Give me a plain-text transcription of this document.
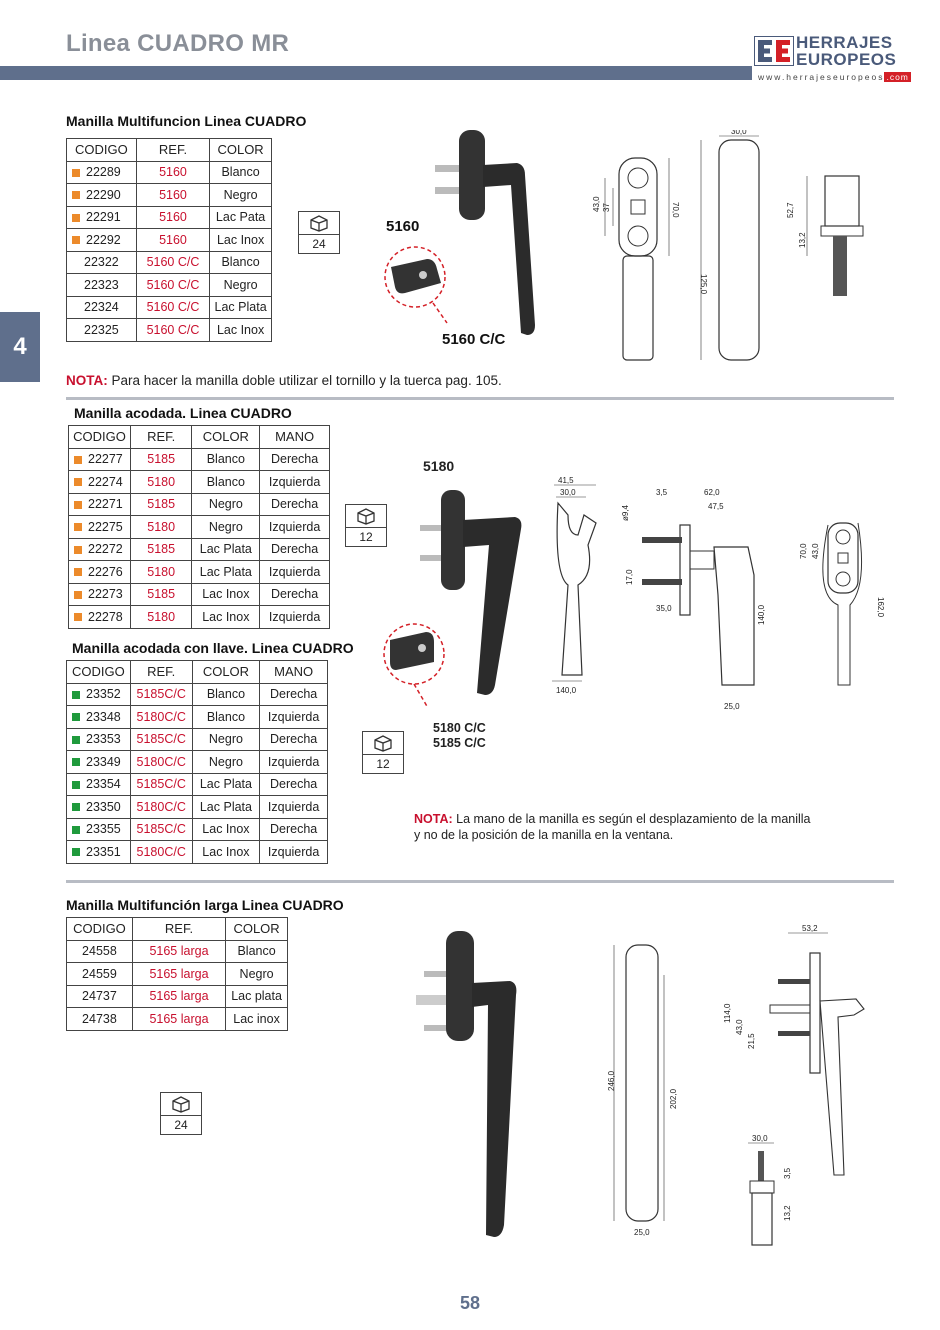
Linea CUADRO MR	HERRAJES
EUROPEOS
www.herrajeseuropeos .com
4
Manilla Multifuncion Linea CUADRO
CODIGO	REF.	COLOR
22289	5160	Blanco
22290	5160	Negro
22291	5160	Lac Pata
22292	5160	Lac Inox
22322	5160 C/C	Blanco
22323	5160 C/C	Negro
22324	5160 C/C	Lac Plata
22325	5160 C/C	Lac Inox
24
5160
5160 C/C
43,0 37	70,0
125,0
30,0
52,7
13,2
NOTA: Para hacer la manilla doble utilizar el tornillo y la tuerca pag. 105.
Manilla acodada. Linea CUADRO
CODIGO	REF.	COLOR	MANO
22277	5185	Blanco	Derecha
22274	5180	Blanco	Izquierda
22271	5185	Negro	Derecha
22275	5180	Negro	Izquierda
22272	5185	Lac Plata	Derecha
22276	5180	Lac Plata	Izquierda
22273	5185	Lac Inox	Derecha
22278	5180	Lac Inox	Izquierda
12
5180
41,5
30,0
140,0
3,5	62,0
47,5
ø9,4
17,0
35,0	140,0
25,0
70,0 43,0
162,0
Manilla acodada con llave. Linea CUADRO
CODIGO	REF.	COLOR	MANO
23352	5185C/C	Blanco	Derecha
23348	5180C/C	Blanco	Izquierda
23353	5185C/C	Negro	Derecha
23349	5180C/C	Negro	Izquierda
23354	5185C/C	Lac Plata	Derecha
23350	5180C/C	Lac Plata	Izquierda
23355	5185C/C	Lac Inox	Derecha
23351	5180C/C	Lac Inox	Izquierda
12
5180 C/C
5185 C/C
NOTA: La mano de la manilla es según el desplazamiento de la manilla
y no de la posición de la manilla en la ventana.
Manilla Multifunción larga Linea CUADRO
CODIGO	REF.	COLOR
24558	5165 larga	Blanco
24559	5165 larga	Negro
24737	5165 larga	Lac plata
24738	5165 larga	Lac inox
24
246,0
202,0
25,0
53,2
114,0
43,0
21,5
30,0
3,5
13,2
58
